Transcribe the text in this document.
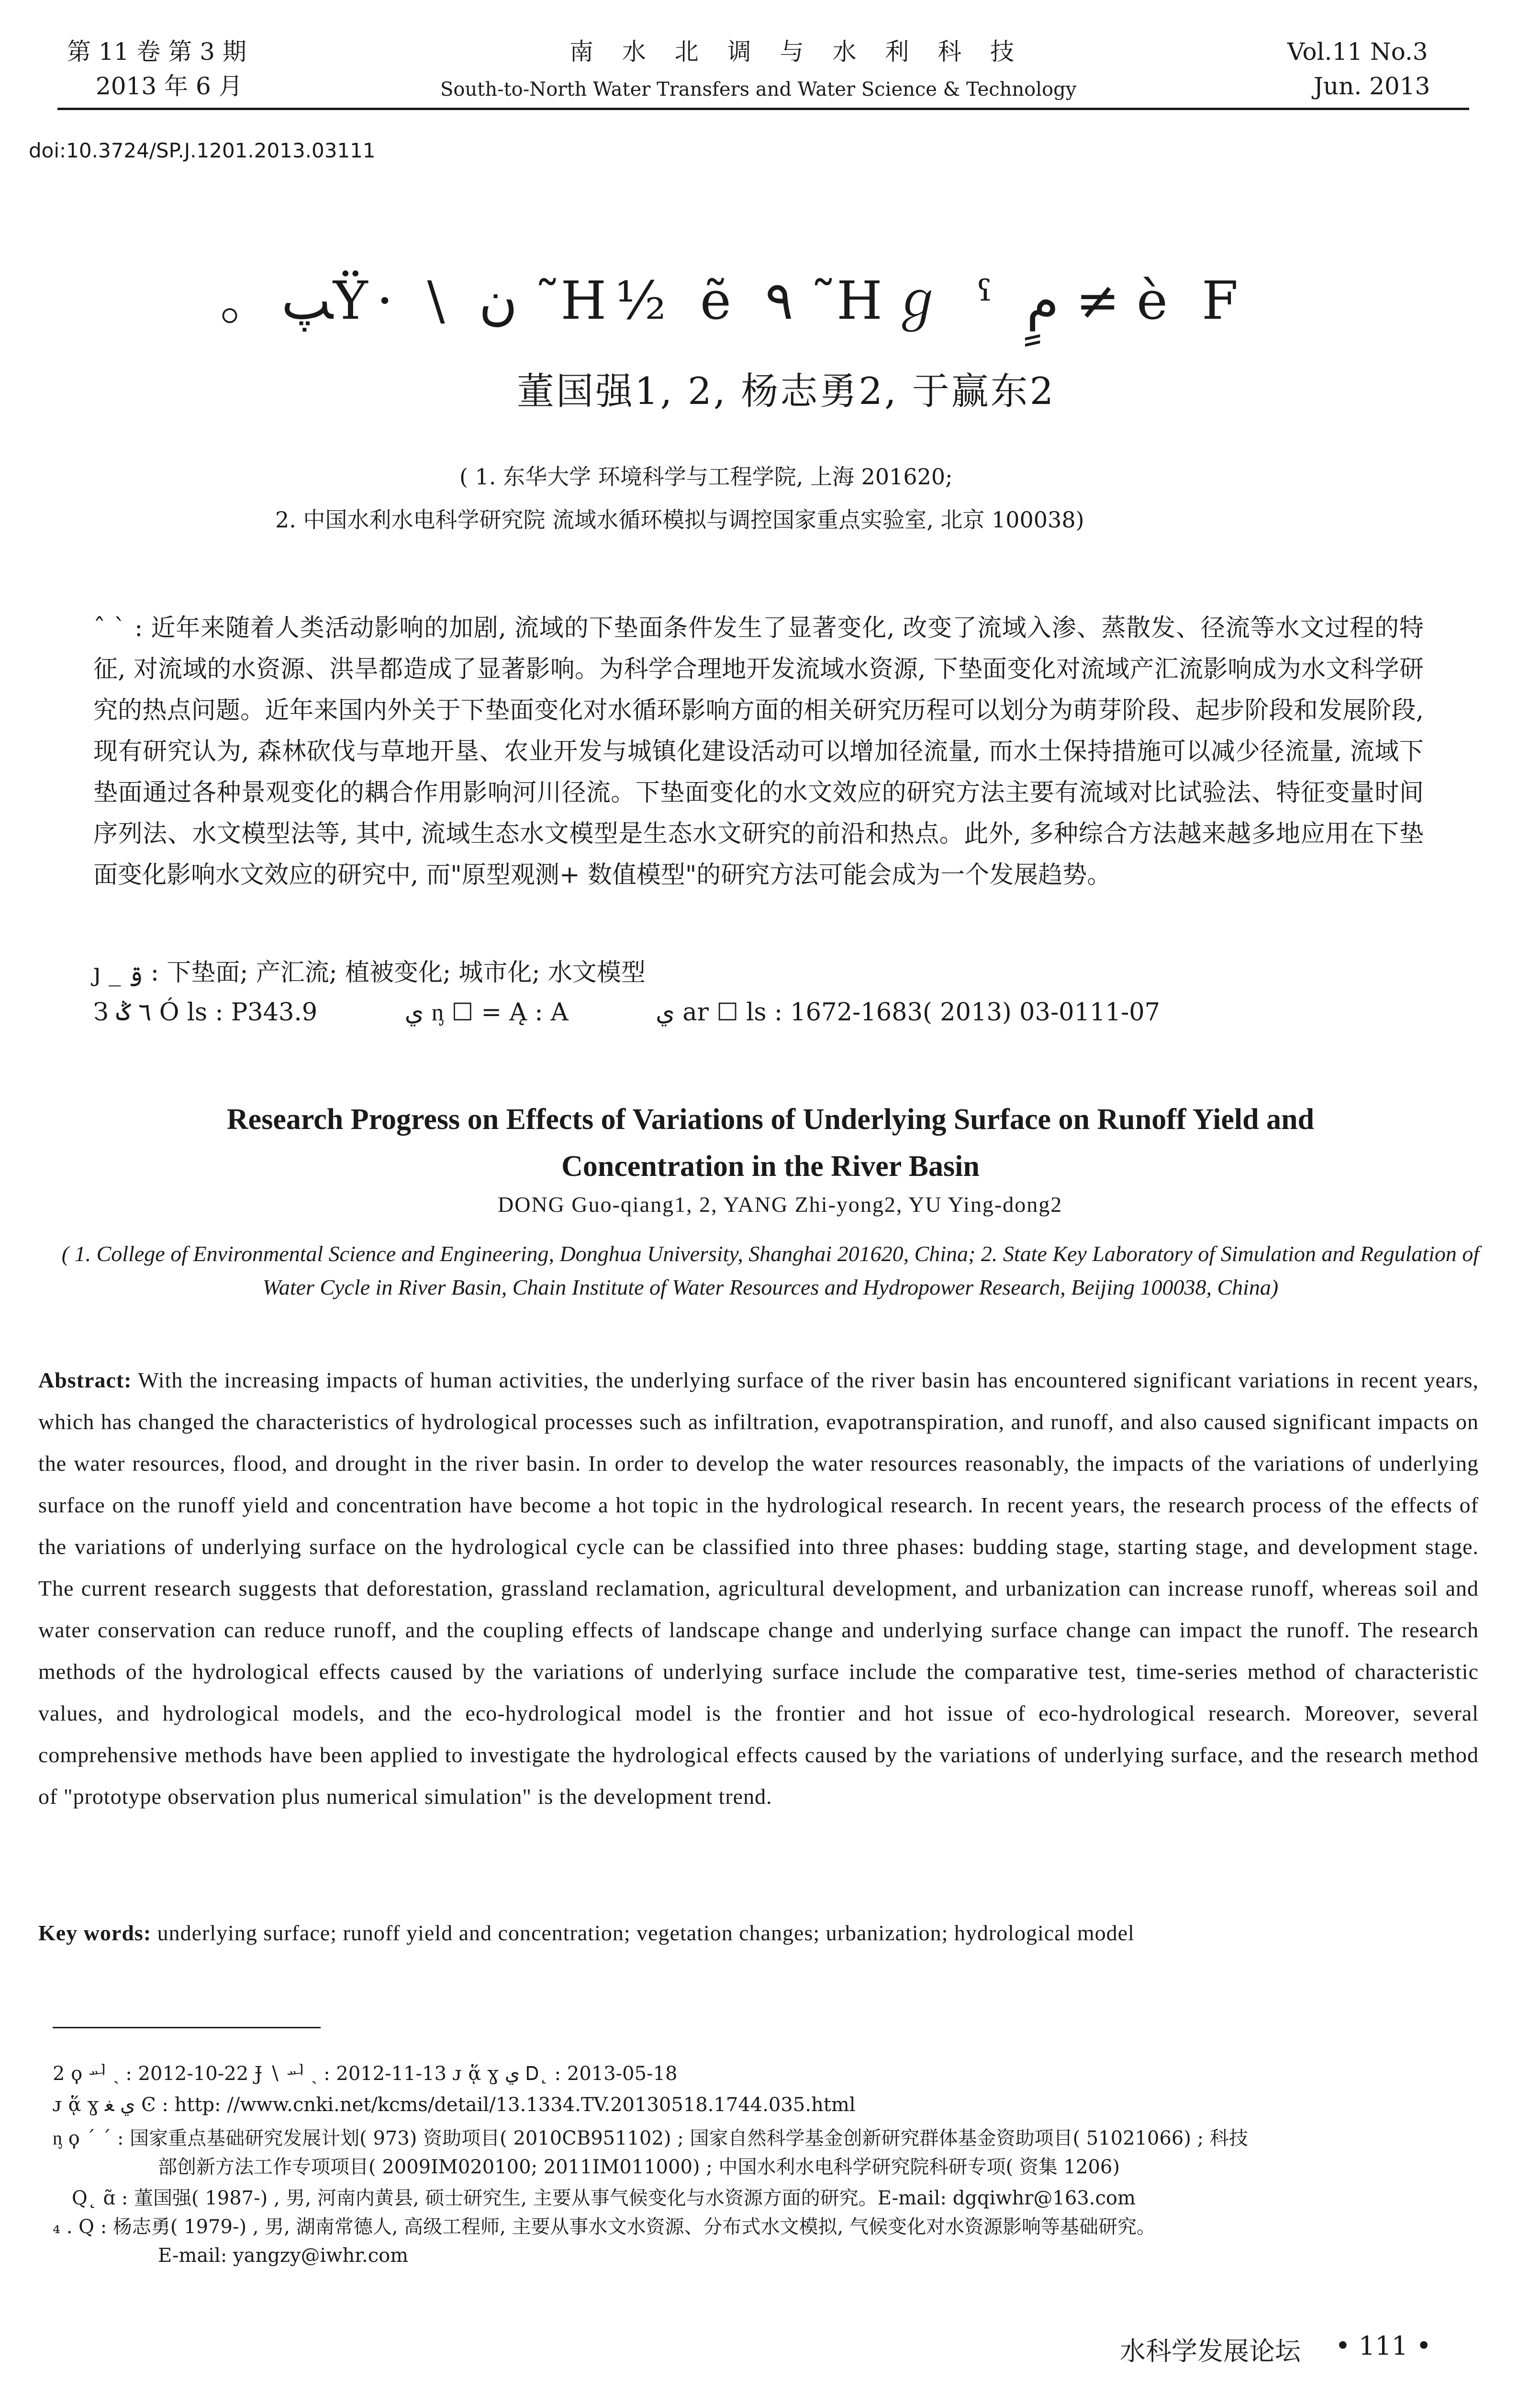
第 11 卷 第 3 期
2013 年 6 月
南 水 北 调 与 水 利 科 技
South-to-North Water Transfers and Water Science & Technology
Vol.11 No.3
Jun. 2013
doi:10.3724/SP.J.1201.2013.03111
。ﭗŸ· \ ن ˜H½ ẽ ٩ ˜Hℊ ˁ ﻡٍ ≠ è F
董国强1, 2, 杨志勇2, 于赢东2
( 1. 东华大学 环境科学与工程学院, 上海 201620;
2. 中国水利水电科学研究院 流域水循环模拟与调控国家重点实验室, 北京 100038)
ˆ ˋ : 近年来随着人类活动影响的加剧, 流域的下垫面条件发生了显著变化, 改变了流域入渗、蒸散发、径流等水文过程的特征, 对流域的水资源、洪旱都造成了显著影响。为科学合理地开发流域水资源, 下垫面变化对流域产汇流影响成为水文科学研究的热点问题。近年来国内外关于下垫面变化对水循环影响方面的相关研究历程可以划分为萌芽阶段、起步阶段和发展阶段, 现有研究认为, 森林砍伐与草地开垦、农业开发与城镇化建设活动可以增加径流量, 而水土保持措施可以减少径流量, 流域下垫面通过各种景观变化的耦合作用影响河川径流。下垫面变化的水文效应的研究方法主要有流域对比试验法、特征变量时间序列法、水文模型法等, 其中, 流域生态水文模型是生态水文研究的前沿和热点。此外, 多种综合方法越来越多地应用在下垫面变化影响水文效应的研究中, 而"原型观测+ 数值模型"的研究方法可能会成为一个发展趋势。
ȷ _ ۊ : 下垫面; 产汇流; 植被变化; 城市化; 水文模型
З ٦ ݣ Ó ls : P343.9	ي ᶇ ☐ = Ą : A	ي ar ☐ ls : 1672-1683( 2013) 03-0111-07
Research Progress on Effects of Variations of Underlying Surface on Runoff Yield and Concentration in the River Basin
DONG Guo-qiang1, 2, YANG Zhi-yong2, YU Ying-dong2
( 1. College of Environmental Science and Engineering, Donghua University, Shanghai 201620, China; 2. State Key Laboratory of Simulation and Regulation of Water Cycle in River Basin, Chain Institute of Water Resources and Hydropower Research, Beijing 100038, China)
Abstract: With the increasing impacts of human activities, the underlying surface of the river basin has encountered significant variations in recent years, which has changed the characteristics of hydrological processes such as infiltration, evapotranspiration, and runoff, and also caused significant impacts on the water resources, flood, and drought in the river basin. In order to develop the water resources reasonably, the impacts of the variations of underlying surface on the runoff yield and concentration have become a hot topic in the hydrological research. In recent years, the research process of the effects of the variations of underlying surface on the hydrological cycle can be classified into three phases: budding stage, starting stage, and development stage. The current research suggests that deforestation, grassland reclamation, agricultural development, and urbanization can increase runoff, whereas soil and water conservation can reduce runoff, and the coupling effects of landscape change and underlying surface change can impact the runoff. The research methods of the hydrological effects caused by the variations of underlying surface include the comparative test, time-series method of characteristic values, and hydrological models, and the eco-hydrological model is the frontier and hot issue of eco-hydrological research. Moreover, several comprehensive methods have been applied to investigate the hydrological effects caused by the variations of underlying surface, and the research method of "prototype observation plus numerical simulation" is the development trend.
Key words: underlying surface; runoff yield and concentration; vegetation changes; urbanization; hydrological model
2 ϙ ᆈ ˎ : 2012-10-22 Ɉ ∖ ᆈ ˎ : 2012-11-13 ᴊ ᾅ ɣ ي Ꭰ˛ : 2013-05-18
ᴊ ᾅ ɣ ي ﻐ Ͼ : http: //www.cnki.net/kcms/detail/13.1334.TV.20130518.1744.035.html
ᶇ ϙ ˊ ˊ : 国家重点基础研究发展计划( 973) 资助项目( 2010CB951102) ; 国家自然科学基金创新研究群体基金资助项目( 51021066) ; 科技
部创新方法工作专项项目( 2009IM020100; 2011IM011000) ; 中国水利水电科学研究院科研专项( 资集 1206)
Q˛ ɑ̃ : 董国强( 1987-) , 男, 河南内黄县, 硕士研究生, 主要从事气候变化与水资源方面的研究。E-mail: dgqiwhr@163.com
₄ . Q : 杨志勇( 1979-) , 男, 湖南常德人, 高级工程师, 主要从事水文水资源、分布式水文模拟, 气候变化对水资源影响等基础研究。
E-mail: yangzy@iwhr.com
水科学发展论坛 • 111 •
